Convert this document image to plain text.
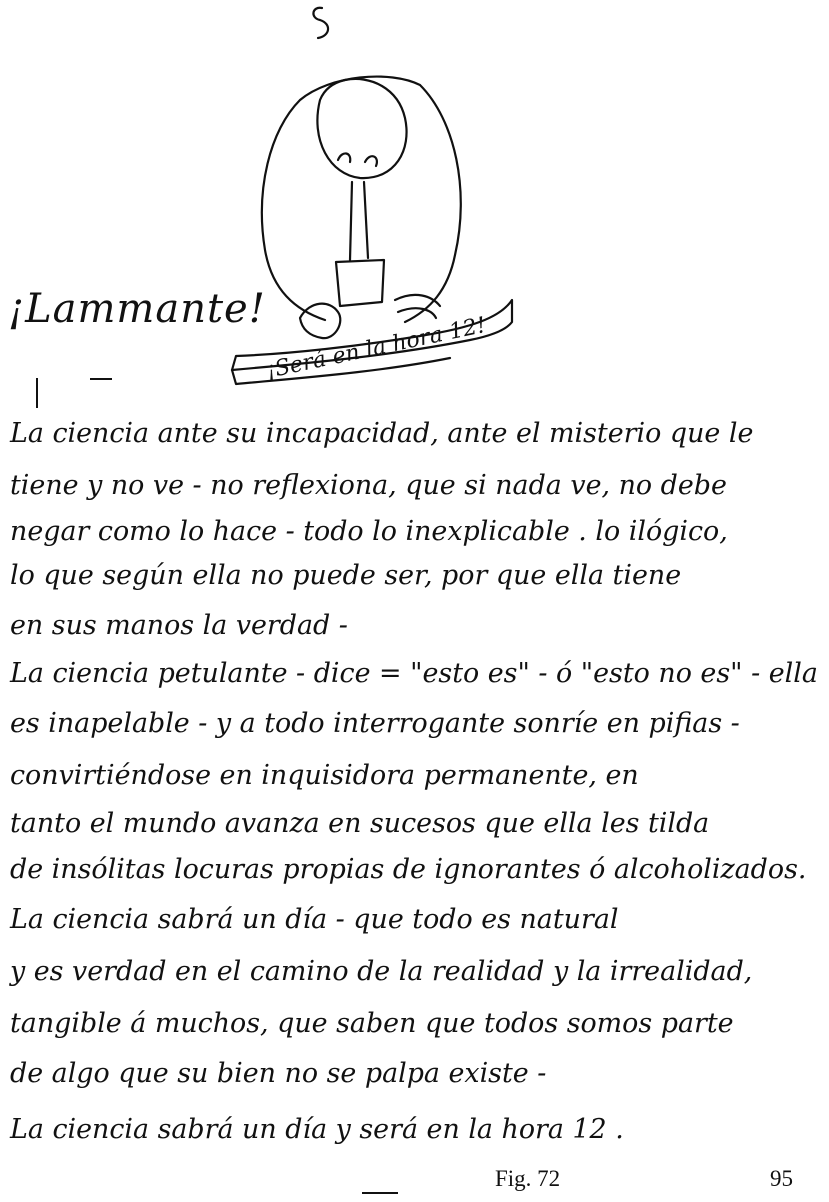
¡Será en la hora 12!
¡Lammante!
La ciencia ante su incapacidad, ante el misterio que le
tiene y no ve - no reflexiona, que si nada ve, no debe
negar como lo hace - todo lo inexplicable . lo ilógico,
lo que según ella no puede ser, por que ella tiene
en sus manos la verdad -
La ciencia petulante - dice = "esto es" - ó "esto no es" - ella
es inapelable - y a todo interrogante sonríe en pifias -
convirtiéndose en inquisidora permanente, en
tanto el mundo avanza en sucesos que ella les tilda
de insólitas locuras propias de ignorantes ó alcoholizados.
La ciencia sabrá un día - que todo es natural
y es verdad en el camino de la realidad y la irrealidad,
tangible á muchos, que saben que todos somos parte
de algo que su bien no se palpa existe -
La ciencia sabrá un día y será en la hora 12 .
Fig. 72	95
